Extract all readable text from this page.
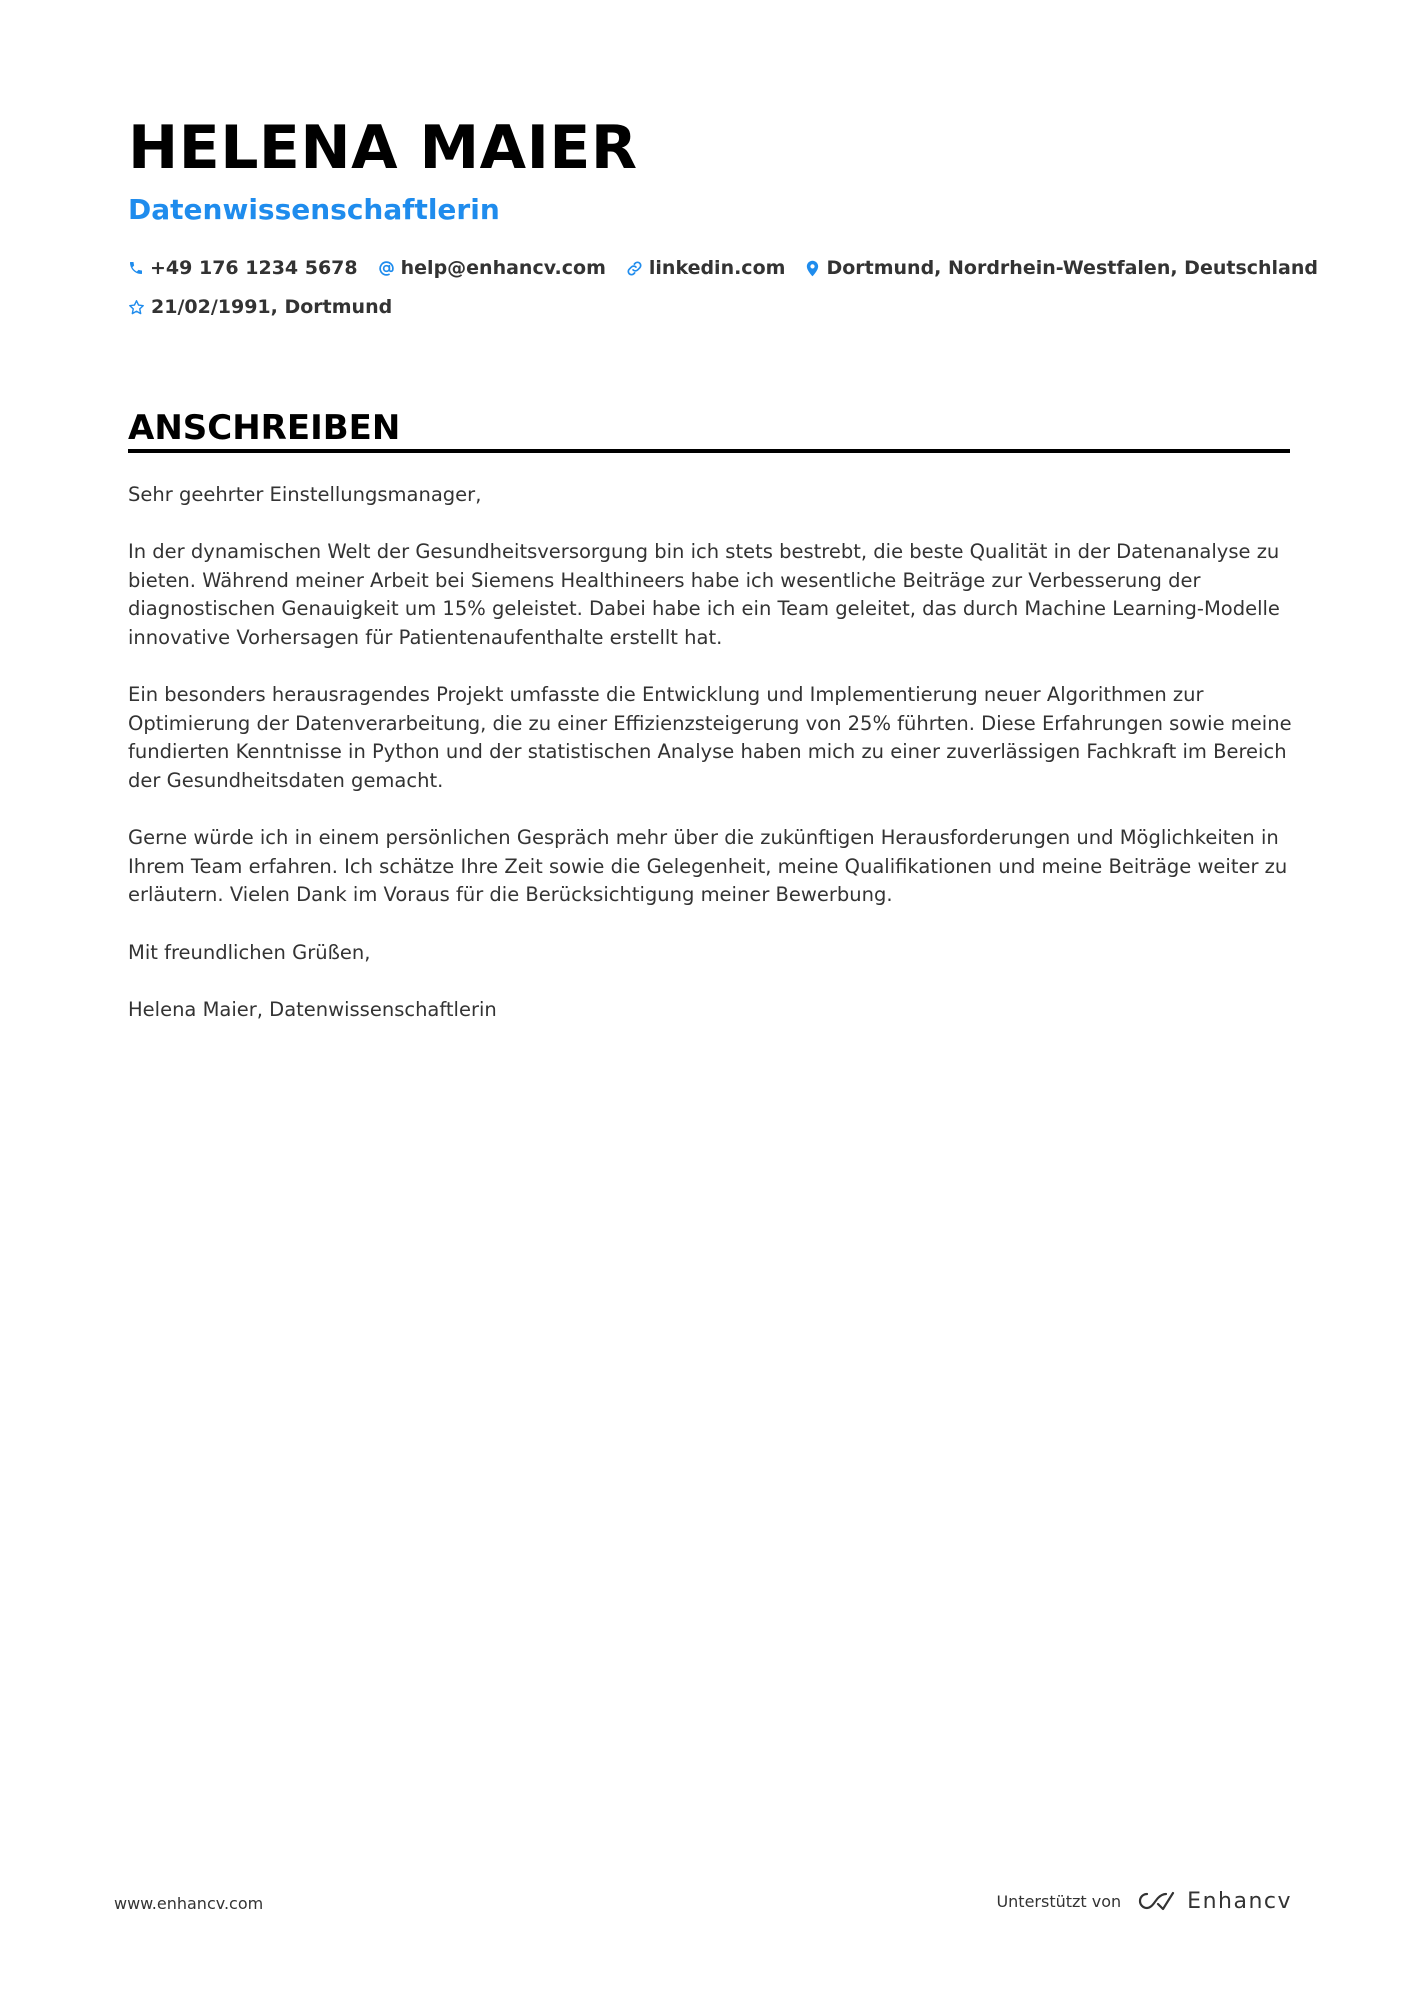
HELENA MAIER
Datenwissenschaftlerin
+49 176 1234 5678 help@enhancv.com linkedin.com Dortmund, Nordrhein-Westfalen, Deutschland
21/02/1991, Dortmund
ANSCHREIBEN

Sehr geehrter Einstellungsmanager,

In der dynamischen Welt der Gesundheitsversorgung bin ich stets bestrebt, die beste Qualität in der Datenanalyse zu bieten. Während meiner Arbeit bei Siemens Healthineers habe ich wesentliche Beiträge zur Verbesserung der diagnostischen Genauigkeit um 15% geleistet. Dabei habe ich ein Team geleitet, das durch Machine Learning-Modelle innovative Vorhersagen für Patientenaufenthalte erstellt hat.

Ein besonders herausragendes Projekt umfasste die Entwicklung und Implementierung neuer Algorithmen zur Optimierung der Datenverarbeitung, die zu einer Effizienzsteigerung von 25% führten. Diese Erfahrungen sowie meine fundierten Kenntnisse in Python und der statistischen Analyse haben mich zu einer zuverlässigen Fachkraft im Bereich der Gesundheitsdaten gemacht.

Gerne würde ich in einem persönlichen Gespräch mehr über die zukünftigen Herausforderungen und Möglichkeiten in Ihrem Team erfahren. Ich schätze Ihre Zeit sowie die Gelegenheit, meine Qualifikationen und meine Beiträge weiter zu erläutern. Vielen Dank im Voraus für die Berücksichtigung meiner Bewerbung.

Mit freundlichen Grüßen,

Helena Maier, Datenwissenschaftlerin

www.enhancv.com	Unterstützt von	Enhancv
